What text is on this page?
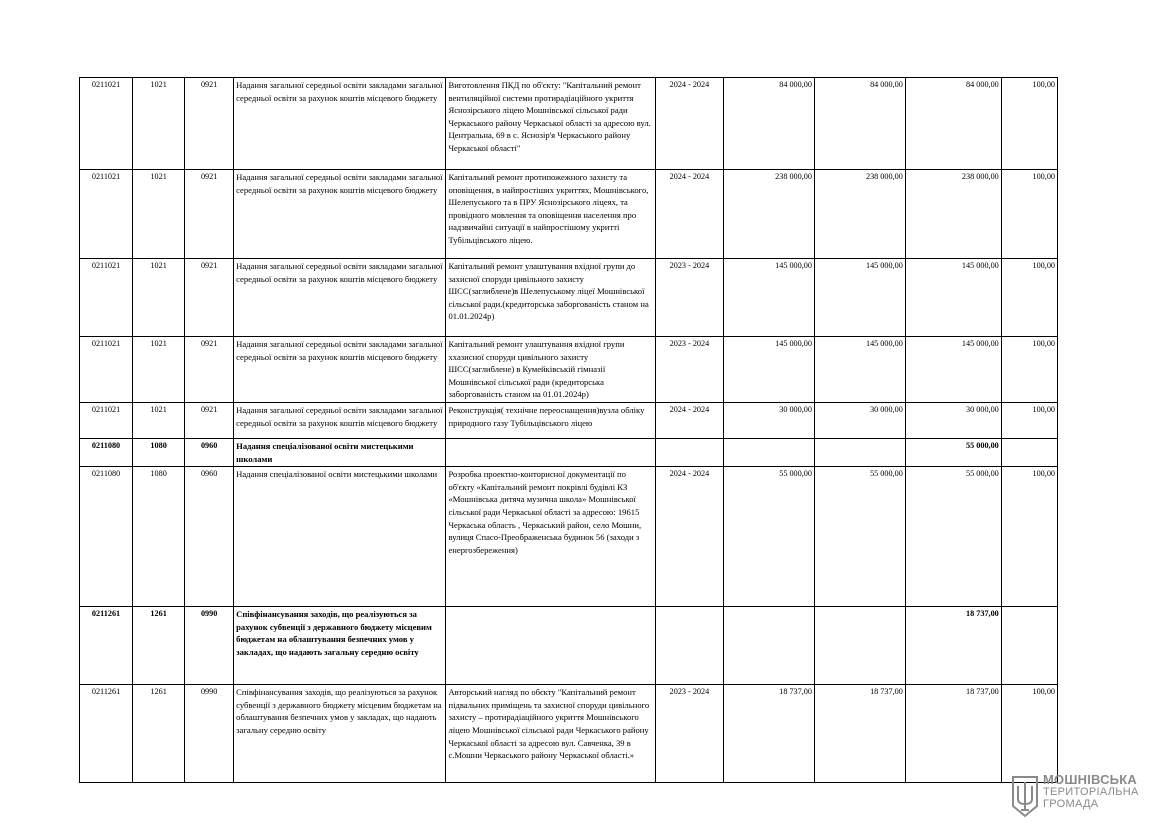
0211021	1021	0921	Надання загальної середньої освіти закладами загальної середньої освіти за рахунок коштів місцевого бюджету	Виготовлення ПКД по об'єкту: "Капітальний ремонт вентиляційної системи протирадіаційного укриття Яснозірського ліцею Мошнівської сільської ради Черкаського району Черкаської області за адресою вул. Центральна, 69 в с. Яснозір'я Черкаського району Черкаської області"	2024 - 2024	84 000,00	84 000,00	84 000,00	100,00
0211021	1021	0921	Надання загальної середньої освіти закладами загальної середньої освіти за рахунок коштів місцевого бюджету	Капітальний ремонт протипожежного захисту та оповіщення, в найпростіших укриттях, Мошнівського, Шелепуського та в ПРУ Яснозірського ліцеях, та провідного мовлення та оповіщення населення про надзвичайні ситуації в найпростішому укритті Тубільцівського ліцею.	2024 - 2024	238 000,00	238 000,00	238 000,00	100,00
0211021	1021	0921	Надання загальної середньої освіти закладами загальної середньої освіти за рахунок коштів місцевого бюджету	Капітальний ремонт улаштування вхідної групи до захисної споруди цивільного захисту ШСС(заглиблене)в Шелепуському ліцеї Мошнівської сільської ради.(кредиторська заборгованість станом на 01.01.2024р)	2023 - 2024	145 000,00	145 000,00	145 000,00	100,00
0211021	1021	0921	Надання загальної середньої освіти закладами загальної середньої освіти за рахунок коштів місцевого бюджету	Капітальний ремонт улаштування вхідної групи ххазисної споруди цивільного захисту ШСС(заглиблене) в Кумейківській гімназії Мошнівської сільської ради (кредиторська заборгованість станом на 01.01.2024р)	2023 - 2024	145 000,00	145 000,00	145 000,00	100,00
0211021	1021	0921	Надання загальної середньої освіти закладами загальної середньої освіти за рахунок коштів місцевого бюджету	Реконструкція( технічне переоснащення)вузла обліку природного газу Тубільцівського ліцею	2024 - 2024	30 000,00	30 000,00	30 000,00	100,00
0211080	1080	0960	Надання спеціалізованої освіти мистецькими школами					55 000,00	
0211080	1080	0960	Надання спеціалізованої освіти мистецькими школами	Розробка проектно-конторисної документації по об'єкту «Капітальний ремонт покрівлі будівлі КЗ «Мошнівська дитяча музична школа» Мошнівської сільської ради Черкаської області за адресою: 19615 Черкаська область , Черкаський район, село Мошни, вулиця Спасо-Преображенська будинок 56 (заходи з енергозбереження)	2024 - 2024	55 000,00	55 000,00	55 000,00	100,00
0211261	1261	0990	Співфінансування заходів, що реалізуються за рахунок субвенції з державного бюджету місцевим бюджетам на облаштування безпечних умов у закладах, що надають загальну середню освіту					18 737,00	
0211261	1261	0990	Співфінансування заходів, що реалізуються за рахунок субвенції з державного бюджету місцевим бюджетам на облаштування безпечних умов у закладах, що надають загальну середню освіту	Авторський нагляд по обєкту "Капітальний ремонт підвальних приміщень та захисної споруди цивільного захисту – протирадіаційного укриття Мошнівського ліцею Мошнівської сільської ради Черкаського району Черкаської області за адресою вул. Савченка, 39 в с.Мошни Черкаського району Черкаської області.»	2023 - 2024	18 737,00	18 737,00	18 737,00	100,00
МОШНІВСЬКА
ТЕРИТОРІАЛЬНА
ГРОМАДА
